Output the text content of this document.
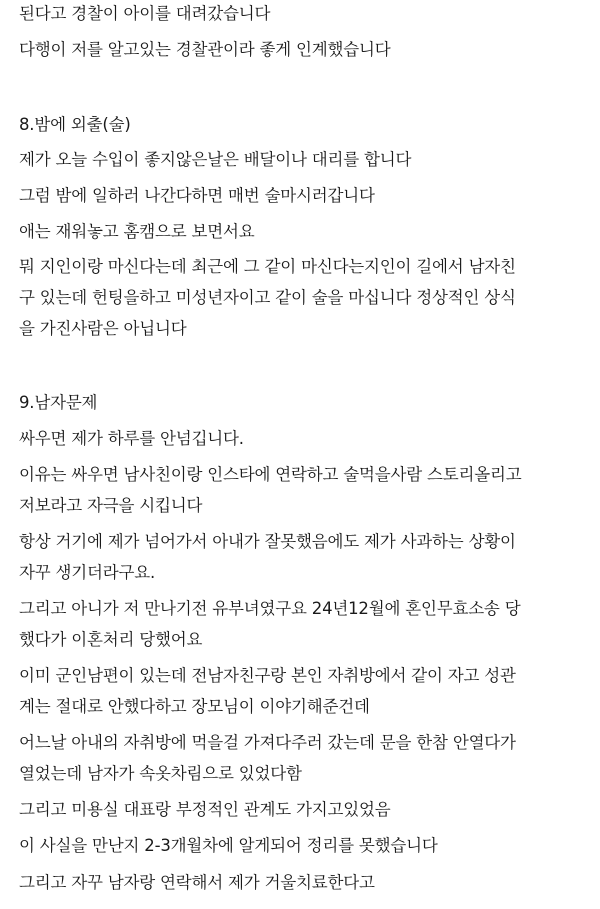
된다고 경찰이 아이를 대려갔습니다
다행이 저를 알고있는 경찰관이라 좋게 인계했습니다
8.밤에 외출(술)
제가 오늘 수입이 좋지않은날은 배달이나 대리를 합니다
그럼 밤에 일하러 나간다하면 매번 술마시러갑니다
애는 재워놓고 홈캠으로 보면서요
뭐 지인이랑 마신다는데 최근에 그 같이 마신다는지인이 길에서 남자친
구 있는데 헌팅을하고 미성년자이고 같이 술을 마십니다 정상적인 상식
을 가진사람은 아닙니다
9.남자문제
싸우면 제가 하루를 안넘깁니다.
이유는 싸우면 남사친이랑 인스타에 연락하고 술먹을사람 스토리올리고
저보라고 자극을 시킵니다
항상 거기에 제가 넘어가서 아내가 잘못했음에도 제가 사과하는 상황이
자꾸 생기더라구요.
그리고 아니가 저 만나기전 유부녀였구요 24년12월에 혼인무효소송 당
했다가 이혼처리 당했어요
이미 군인남편이 있는데 전남자친구랑 본인 자취방에서 같이 자고 성관
계는 절대로 안했다하고 장모님이 이야기해준건데
어느날 아내의 자취방에 먹을걸 가져다주러 갔는데 문을 한참 안열다가
열었는데 남자가 속옷차림으로 있었다함
그리고 미용실 대표랑 부정적인 관계도 가지고있었음
이 사실을 만난지 2-3개월차에 알게되어 정리를 못했습니다
그리고 자꾸 남자랑 연락해서 제가 거울치료한다고
